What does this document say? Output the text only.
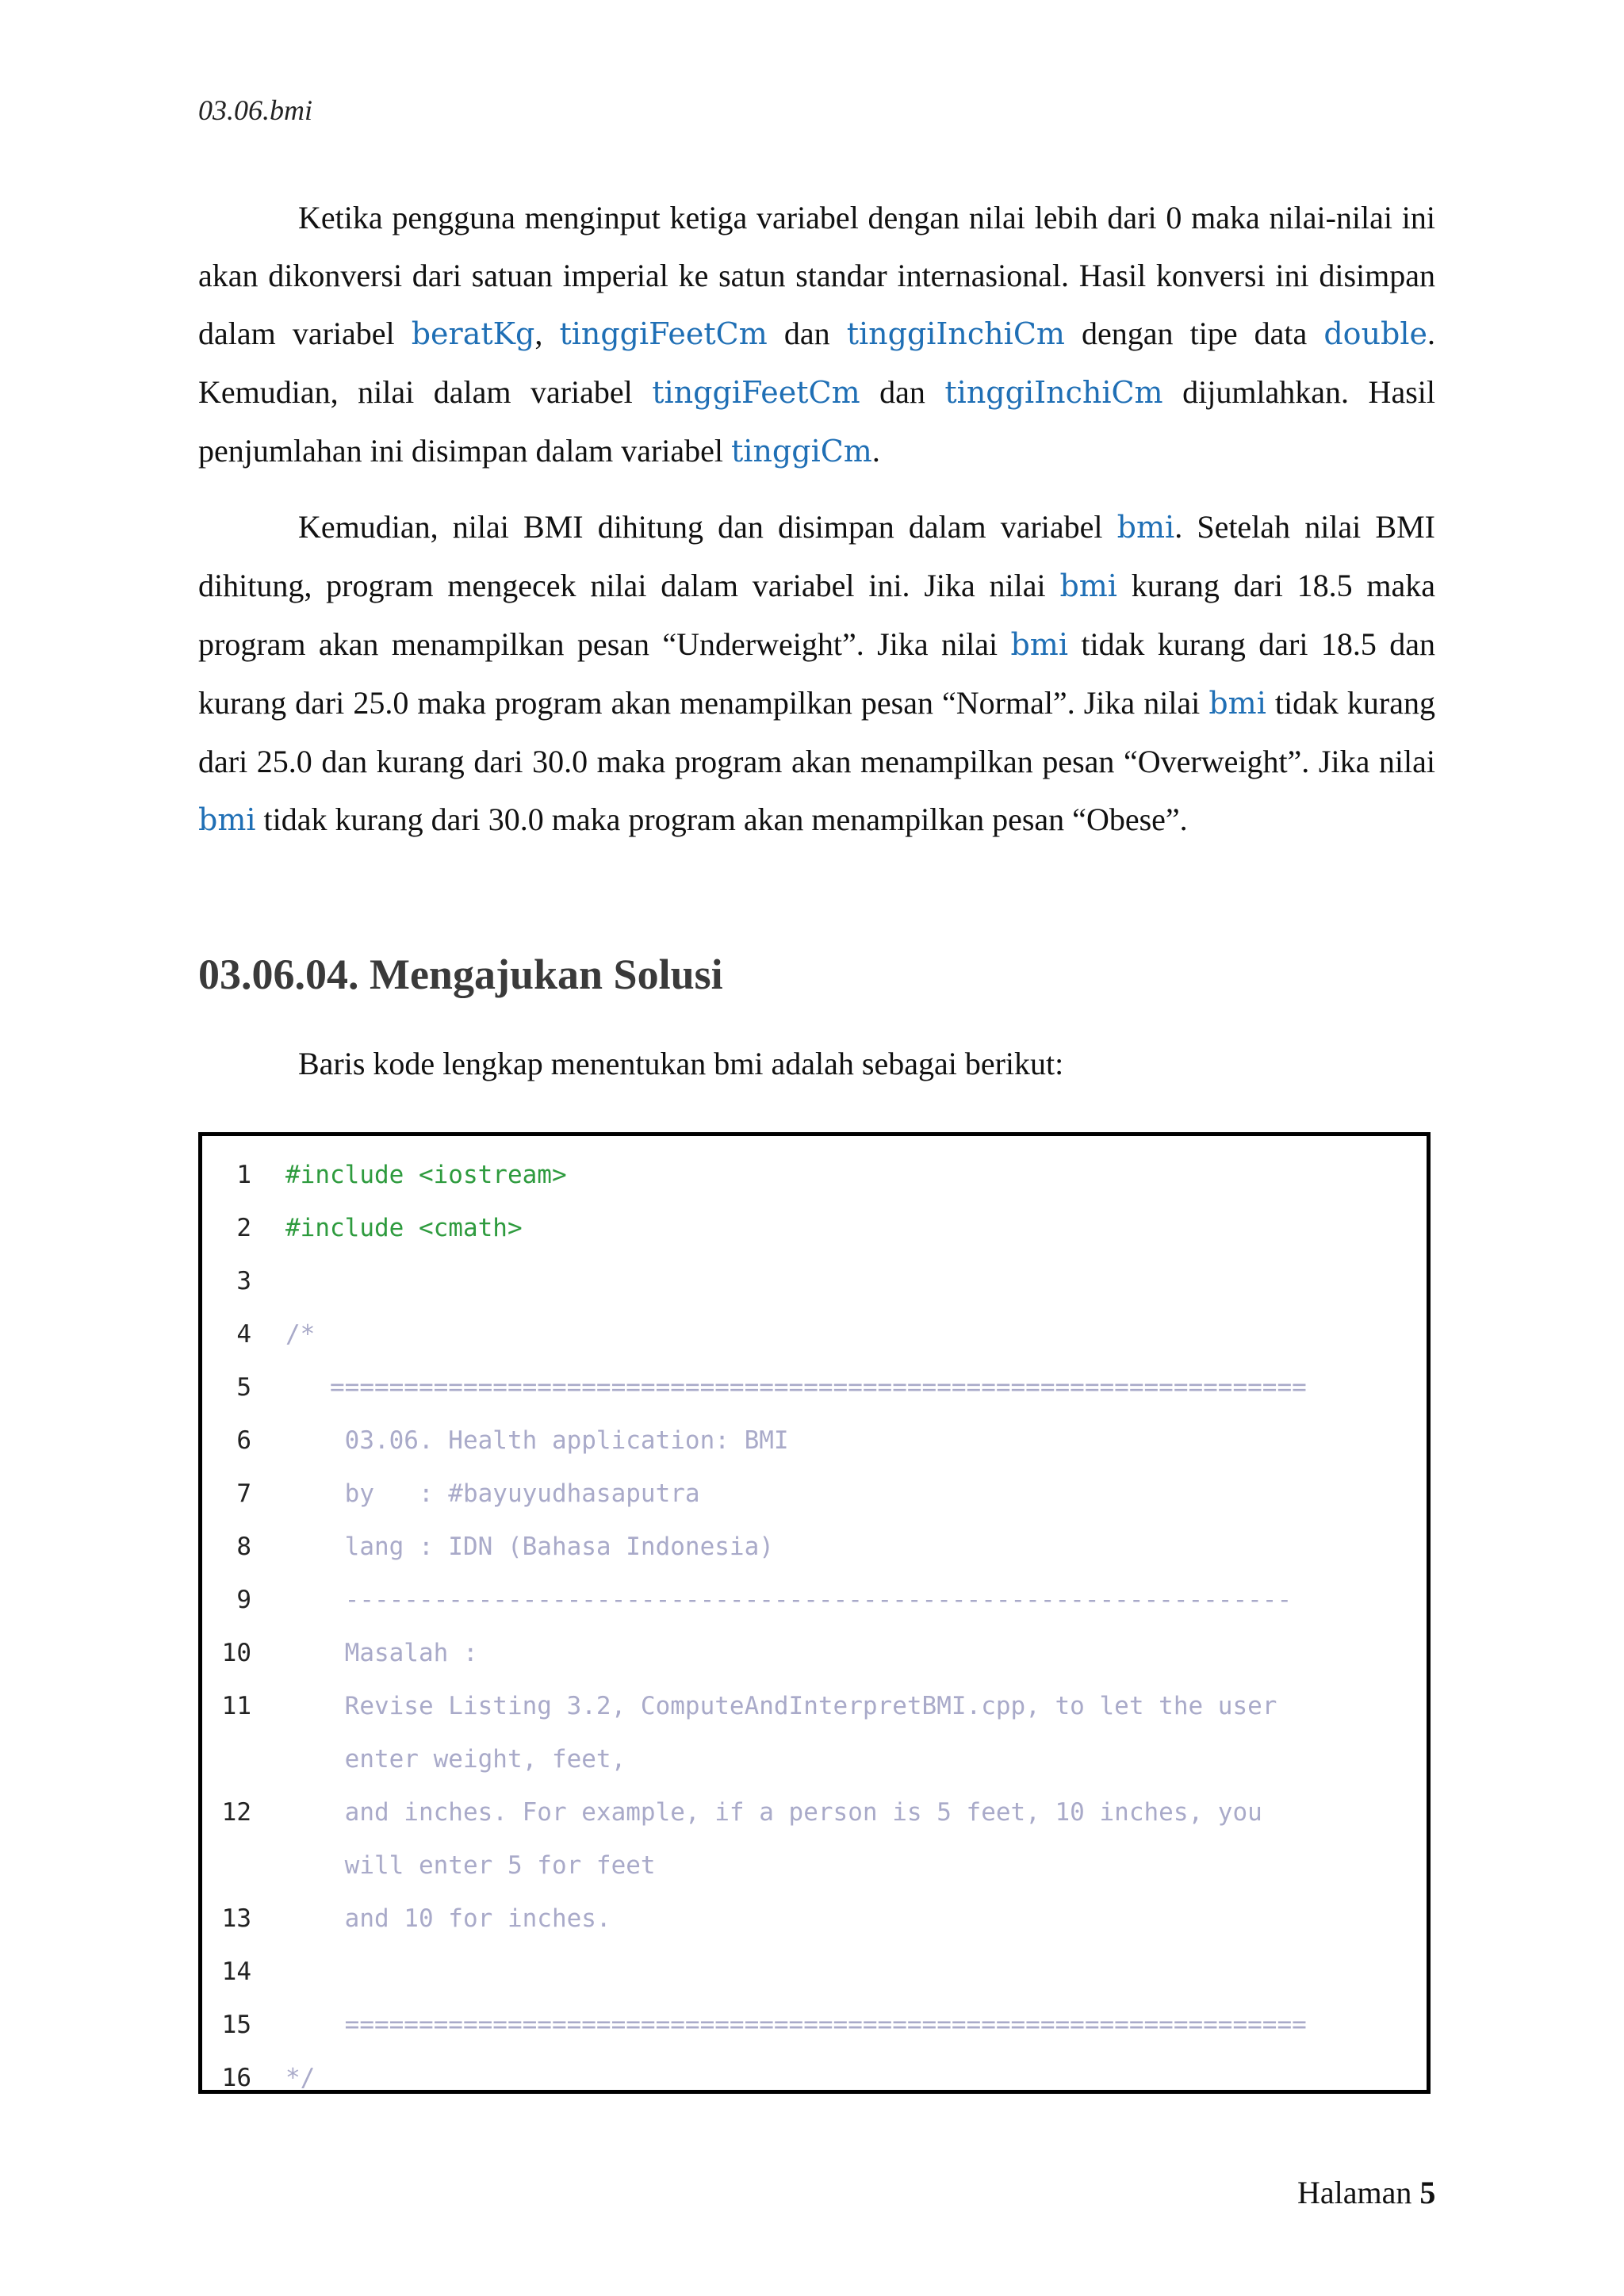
03.06.bmi

Ketika pengguna menginput ketiga variabel dengan nilai lebih dari 0 maka nilai-nilai ini akan dikonversi dari satuan imperial ke satun standar internasional. Hasil konversi ini disimpan dalam variabel beratKg, tinggiFeetCm dan tinggiInchiCm dengan tipe data double. Kemudian, nilai dalam variabel tinggiFeetCm dan tinggiInchiCm dijumlahkan. Hasil penjumlahan ini disimpan dalam variabel tinggiCm.

Kemudian, nilai BMI dihitung dan disimpan dalam variabel bmi. Setelah nilai BMI dihitung, program mengecek nilai dalam variabel ini. Jika nilai bmi kurang dari 18.5 maka program akan menampilkan pesan “Underweight”. Jika nilai bmi tidak kurang dari 18.5 dan kurang dari 25.0 maka program akan menampilkan pesan “Normal”. Jika nilai bmi tidak kurang dari 25.0 dan kurang dari 30.0 maka program akan menampilkan pesan “Overweight”. Jika nilai bmi tidak kurang dari 30.0 maka program akan menampilkan pesan “Obese”.

03.06.04. Mengajukan Solusi

Baris kode lengkap menentukan bmi adalah sebagai berikut:

1 #include <iostream>
2 #include <cmath>
3
4 /*
5 ==================================================================
6 03.06. Health application: BMI
7 by   : #bayuyudhasaputra
8 lang : IDN (Bahasa Indonesia)
9 ----------------------------------------------------------------
10 Masalah :
11 Revise Listing 3.2, ComputeAndInterpretBMI.cpp, to let the user
enter weight, feet,
12 and inches. For example, if a person is 5 feet, 10 inches, you
will enter 5 for feet
13 and 10 for inches.
14
15 =================================================================
16 */
Halaman 5
